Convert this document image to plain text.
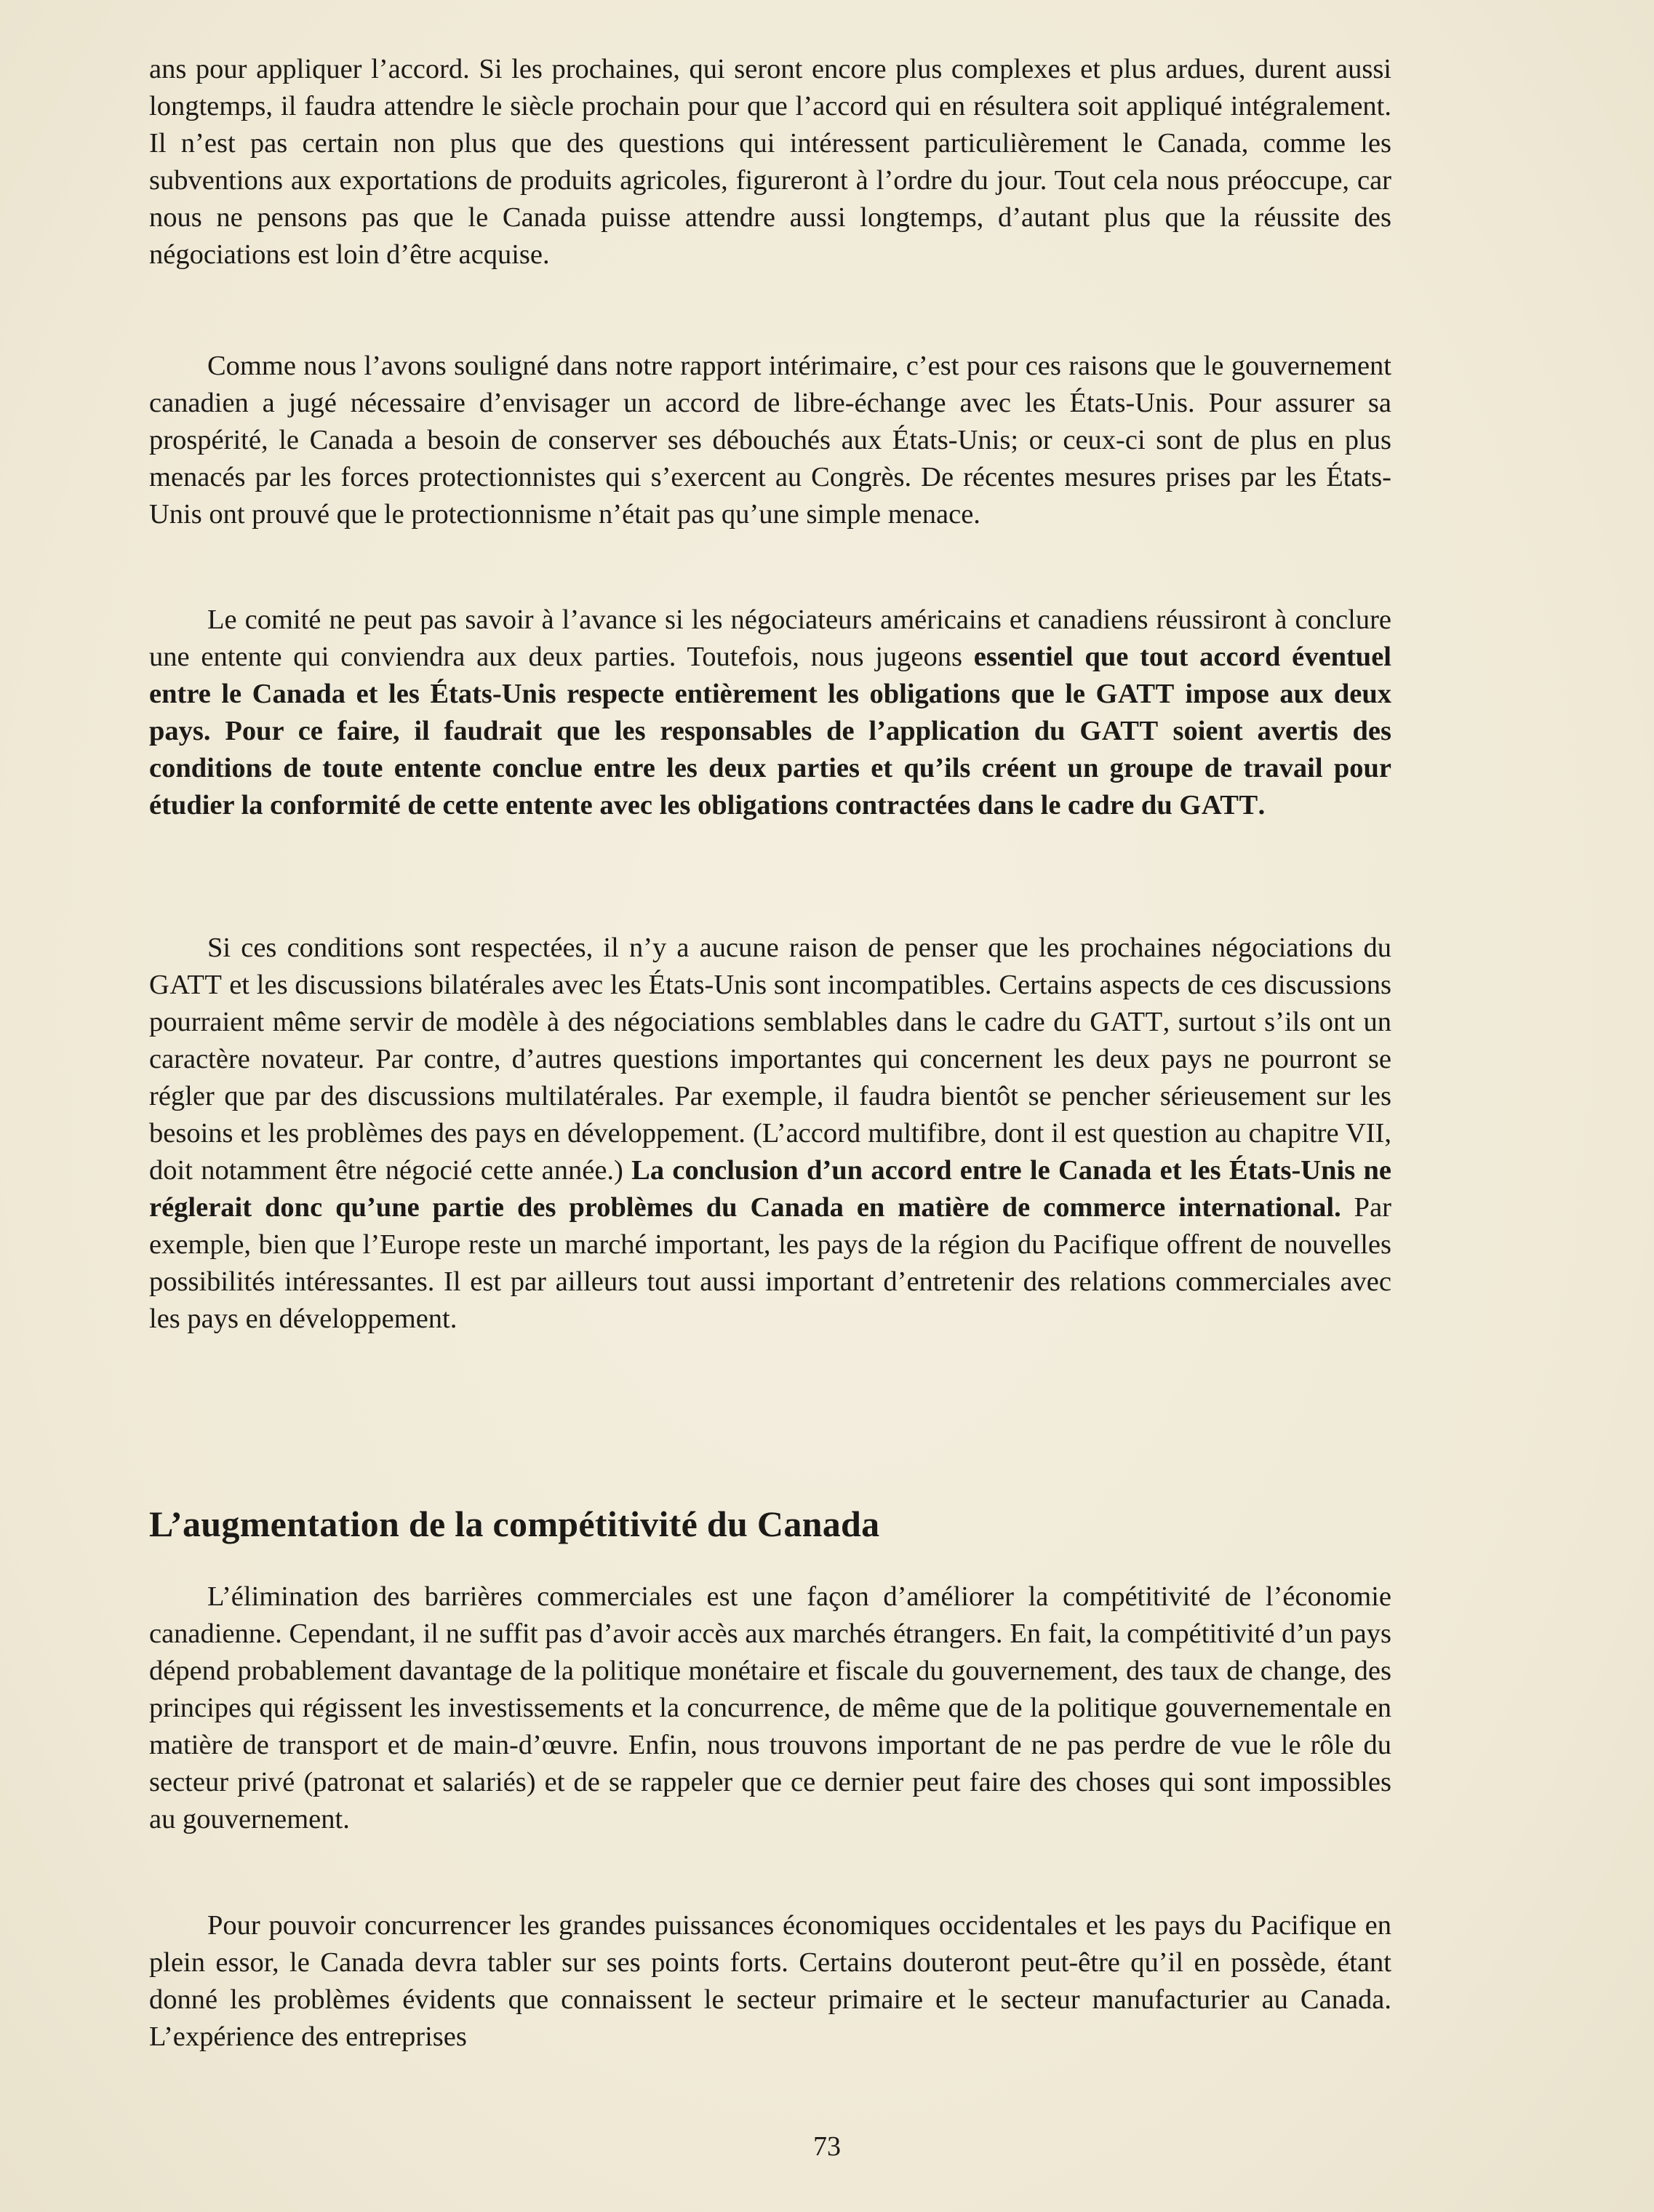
ans pour appliquer l’accord. Si les prochaines, qui seront encore plus complexes et plus ardues, durent aussi longtemps, il faudra attendre le siècle prochain pour que l’accord qui en résultera soit appliqué intégralement. Il n’est pas certain non plus que des questions qui intéressent particulièrement le Canada, comme les subventions aux exportations de produits agricoles, figureront à l’ordre du jour. Tout cela nous préoccupe, car nous ne pensons pas que le Canada puisse attendre aussi longtemps, d’autant plus que la réussite des négociations est loin d’être acquise.

Comme nous l’avons souligné dans notre rapport intérimaire, c’est pour ces raisons que le gouvernement canadien a jugé nécessaire d’envisager un accord de libre-échange avec les États-Unis. Pour assurer sa prospérité, le Canada a besoin de conserver ses débouchés aux États-Unis; or ceux-ci sont de plus en plus menacés par les forces protectionnistes qui s’exercent au Congrès. De récentes mesures prises par les États-Unis ont prouvé que le protectionnisme n’était pas qu’une simple menace.

Le comité ne peut pas savoir à l’avance si les négociateurs américains et canadiens réussiront à conclure une entente qui conviendra aux deux parties. Toutefois, nous jugeons essentiel que tout accord éventuel entre le Canada et les États-Unis respecte entièrement les obligations que le GATT impose aux deux pays. Pour ce faire, il faudrait que les responsables de l’application du GATT soient avertis des conditions de toute entente conclue entre les deux parties et qu’ils créent un groupe de travail pour étudier la conformité de cette entente avec les obligations contractées dans le cadre du GATT.

Si ces conditions sont respectées, il n’y a aucune raison de penser que les prochaines négociations du GATT et les discussions bilatérales avec les États-Unis sont incompatibles. Certains aspects de ces discussions pourraient même servir de modèle à des négociations semblables dans le cadre du GATT, surtout s’ils ont un caractère novateur. Par contre, d’autres questions importantes qui concernent les deux pays ne pourront se régler que par des discussions multilatérales. Par exemple, il faudra bientôt se pencher sérieusement sur les besoins et les problèmes des pays en développement. (L’accord multifibre, dont il est question au chapitre VII, doit notamment être négocié cette année.) La conclusion d’un accord entre le Canada et les États-Unis ne réglerait donc qu’une partie des problèmes du Canada en matière de commerce international. Par exemple, bien que l’Europe reste un marché important, les pays de la région du Pacifique offrent de nouvelles possibilités intéressantes. Il est par ailleurs tout aussi important d’entretenir des relations commerciales avec les pays en développement.

L’augmentation de la compétitivité du Canada

L’élimination des barrières commerciales est une façon d’améliorer la compétitivité de l’économie canadienne. Cependant, il ne suffit pas d’avoir accès aux marchés étrangers. En fait, la compétitivité d’un pays dépend probablement davantage de la politique monétaire et fiscale du gouvernement, des taux de change, des principes qui régissent les investissements et la concurrence, de même que de la politique gouvernementale en matière de transport et de main-d’œuvre. Enfin, nous trouvons important de ne pas perdre de vue le rôle du secteur privé (patronat et salariés) et de se rappeler que ce dernier peut faire des choses qui sont impossibles au gouvernement.

Pour pouvoir concurrencer les grandes puissances économiques occidentales et les pays du Pacifique en plein essor, le Canada devra tabler sur ses points forts. Certains douteront peut-être qu’il en possède, étant donné les problèmes évidents que connaissent le secteur primaire et le secteur manufacturier au Canada. L’expérience des entreprises

73
